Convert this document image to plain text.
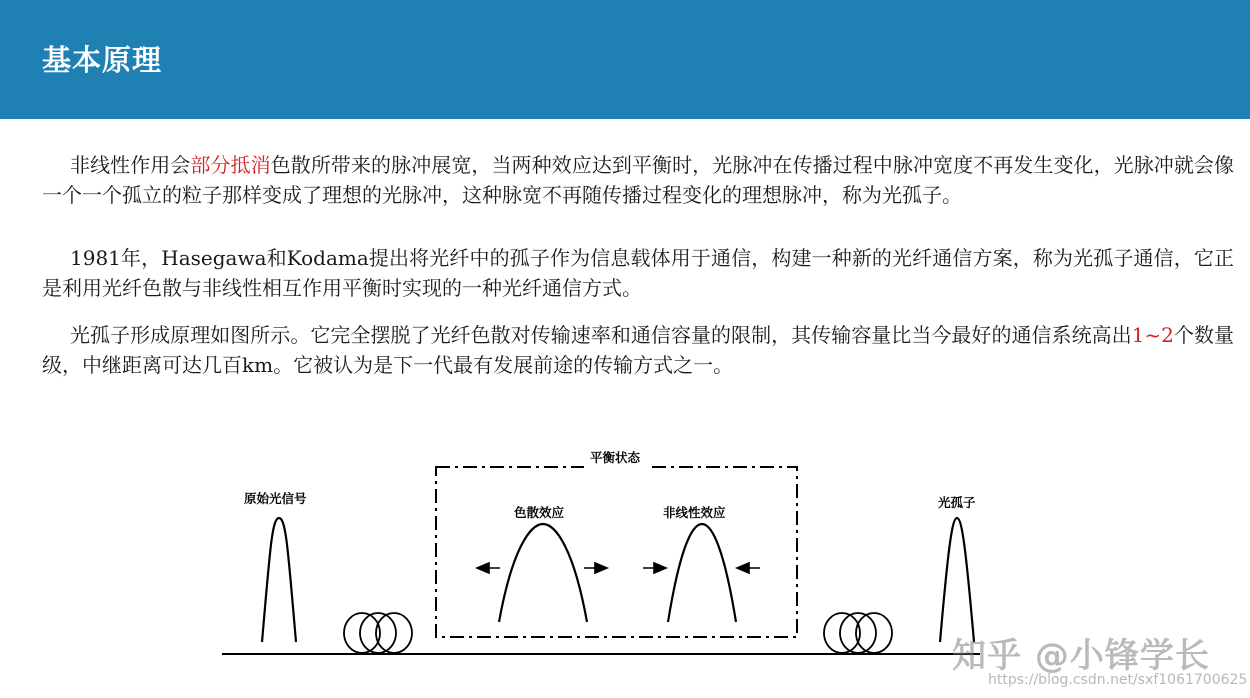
基本原理

非线性作用会部分抵消色散所带来的脉冲展宽，当两种效应达到平衡时，光脉冲在传播过程中脉冲宽度不再发生变化，光脉冲就会像一个一个孤立的粒子那样变成了理想的光脉冲，这种脉宽不再随传播过程变化的理想脉冲，称为光孤子。

1981年，Hasegawa和Kodama提出将光纤中的孤子作为信息载体用于通信，构建一种新的光纤通信方案，称为光孤子通信，它正是利用光纤色散与非线性相互作用平衡时实现的一种光纤通信方式。

光孤子形成原理如图所示。它完全摆脱了光纤色散对传输速率和通信容量的限制，其传输容量比当今最好的通信系统高出1~2个数量级，中继距离可达几百km。它被认为是下一代最有发展前途的传输方式之一。

原始光信号
平衡状态
色散效应	非线性效应
光孤子
知乎 @小锋学长
https://blog.csdn.net/sxf1061700625
